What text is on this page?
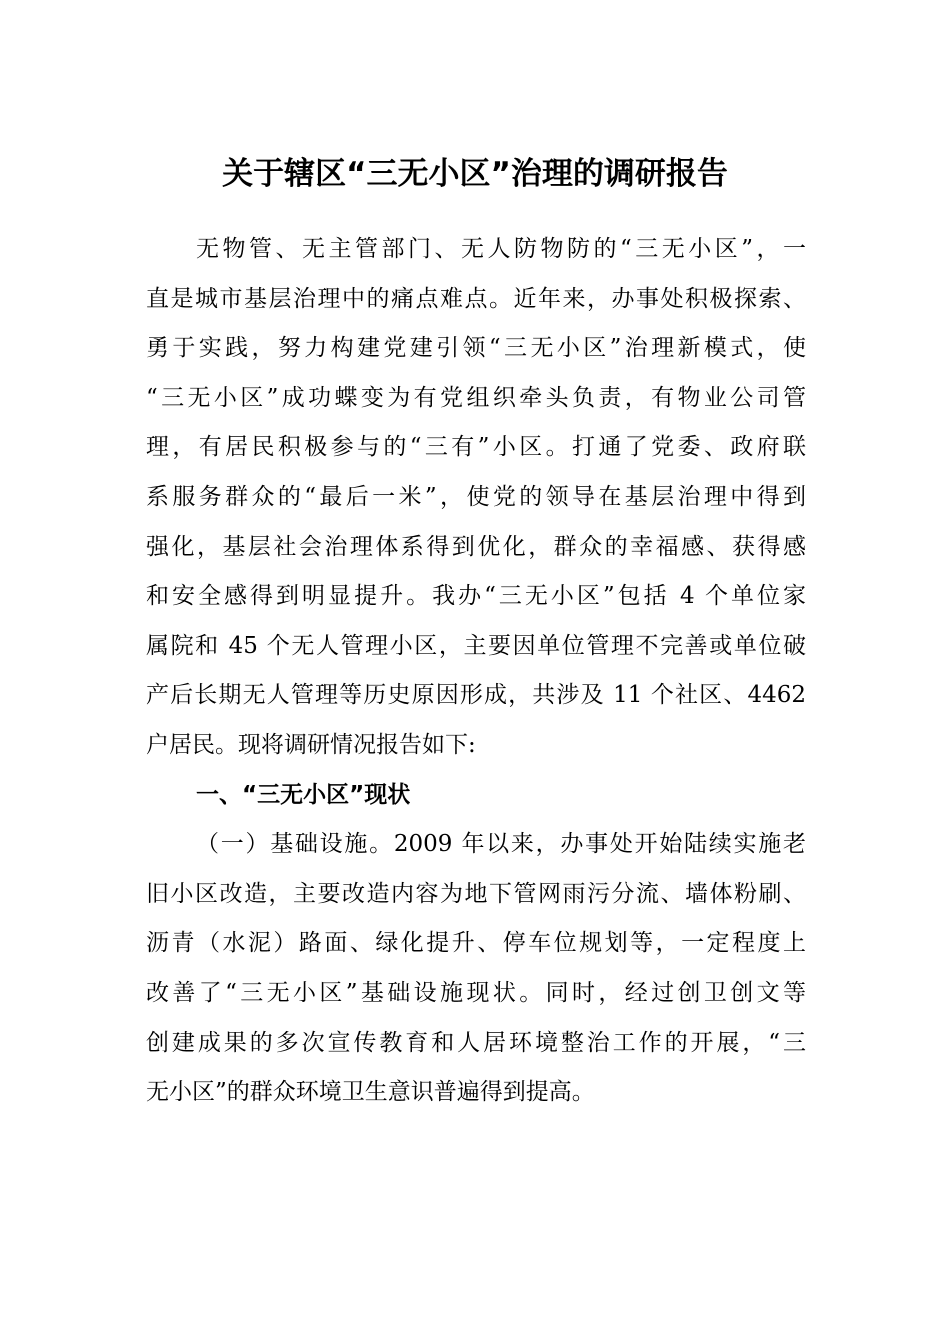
关于辖区“三无小区”治理的调研报告
无物管、无主管部门、无人防物防的“三无小区”，一
直是城市基层治理中的痛点难点。近年来，办事处积极探索、
勇于实践，努力构建党建引领“三无小区”治理新模式，使
“三无小区”成功蝶变为有党组织牵头负责，有物业公司管
理，有居民积极参与的“三有”小区。打通了党委、政府联
系服务群众的“最后一米”，使党的领导在基层治理中得到
强化，基层社会治理体系得到优化，群众的幸福感、获得感
和安全感得到明显提升。我办“三无小区”包括 4 个单位家
属院和 45 个无人管理小区，主要因单位管理不完善或单位破
产后长期无人管理等历史原因形成，共涉及 11 个社区、4462
户居民。现将调研情况报告如下:
一、“三无小区”现状
（一）基础设施。2009 年以来，办事处开始陆续实施老
旧小区改造，主要改造内容为地下管网雨污分流、墙体粉刷、
沥青（水泥）路面、绿化提升、停车位规划等，一定程度上
改善了“三无小区”基础设施现状。同时，经过创卫创文等
创建成果的多次宣传教育和人居环境整治工作的开展，“三
无小区”的群众环境卫生意识普遍得到提高。
